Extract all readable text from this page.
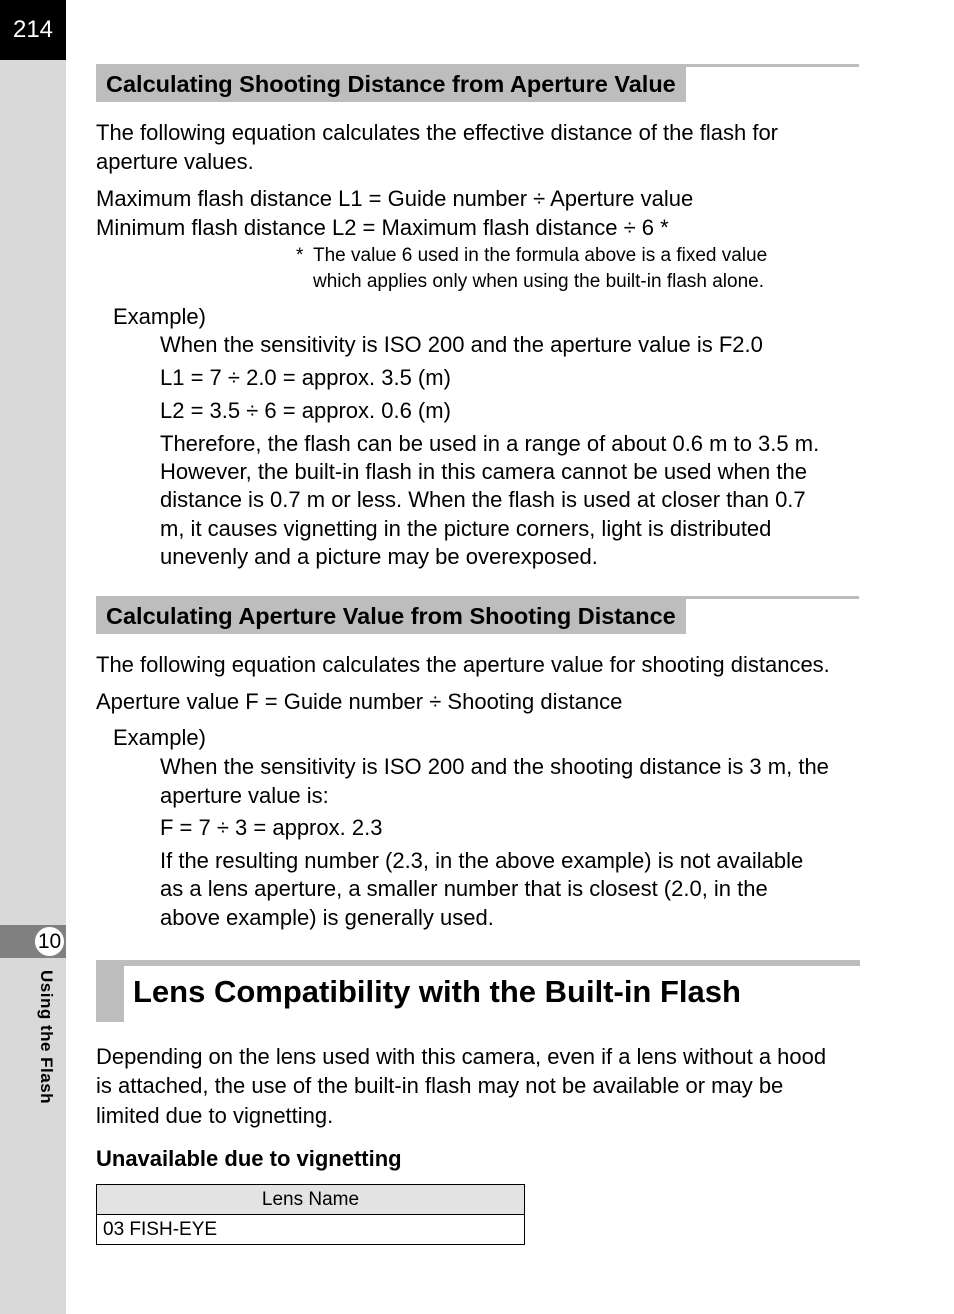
214
10
Using the Flash
Calculating Shooting Distance from Aperture Value
The following equation calculates the effective distance of the flash for
aperture values.
Maximum flash distance L1 = Guide number ÷ Aperture value
Minimum flash distance L2 = Maximum flash distance ÷ 6 *
* The value 6 used in the formula above is a fixed value
which applies only when using the built-in flash alone.
Example)
When the sensitivity is ISO 200 and the aperture value is F2.0
L1 = 7 ÷ 2.0 = approx. 3.5 (m)
L2 = 3.5 ÷ 6 = approx. 0.6 (m)
Therefore, the flash can be used in a range of about 0.6 m to 3.5 m.
However, the built-in flash in this camera cannot be used when the
distance is 0.7 m or less. When the flash is used at closer than 0.7
m, it causes vignetting in the picture corners, light is distributed
unevenly and a picture may be overexposed.
Calculating Aperture Value from Shooting Distance
The following equation calculates the aperture value for shooting distances.
Aperture value F = Guide number ÷ Shooting distance
Example)
When the sensitivity is ISO 200 and the shooting distance is 3 m, the
aperture value is:
F = 7 ÷ 3 = approx. 2.3
If the resulting number (2.3, in the above example) is not available
as a lens aperture, a smaller number that is closest (2.0, in the
above example) is generally used.
Lens Compatibility with the Built-in Flash
Depending on the lens used with this camera, even if a lens without a hood
is attached, the use of the built-in flash may not be available or may be
limited due to vignetting.
Unavailable due to vignetting
Lens Name
03 FISH-EYE
